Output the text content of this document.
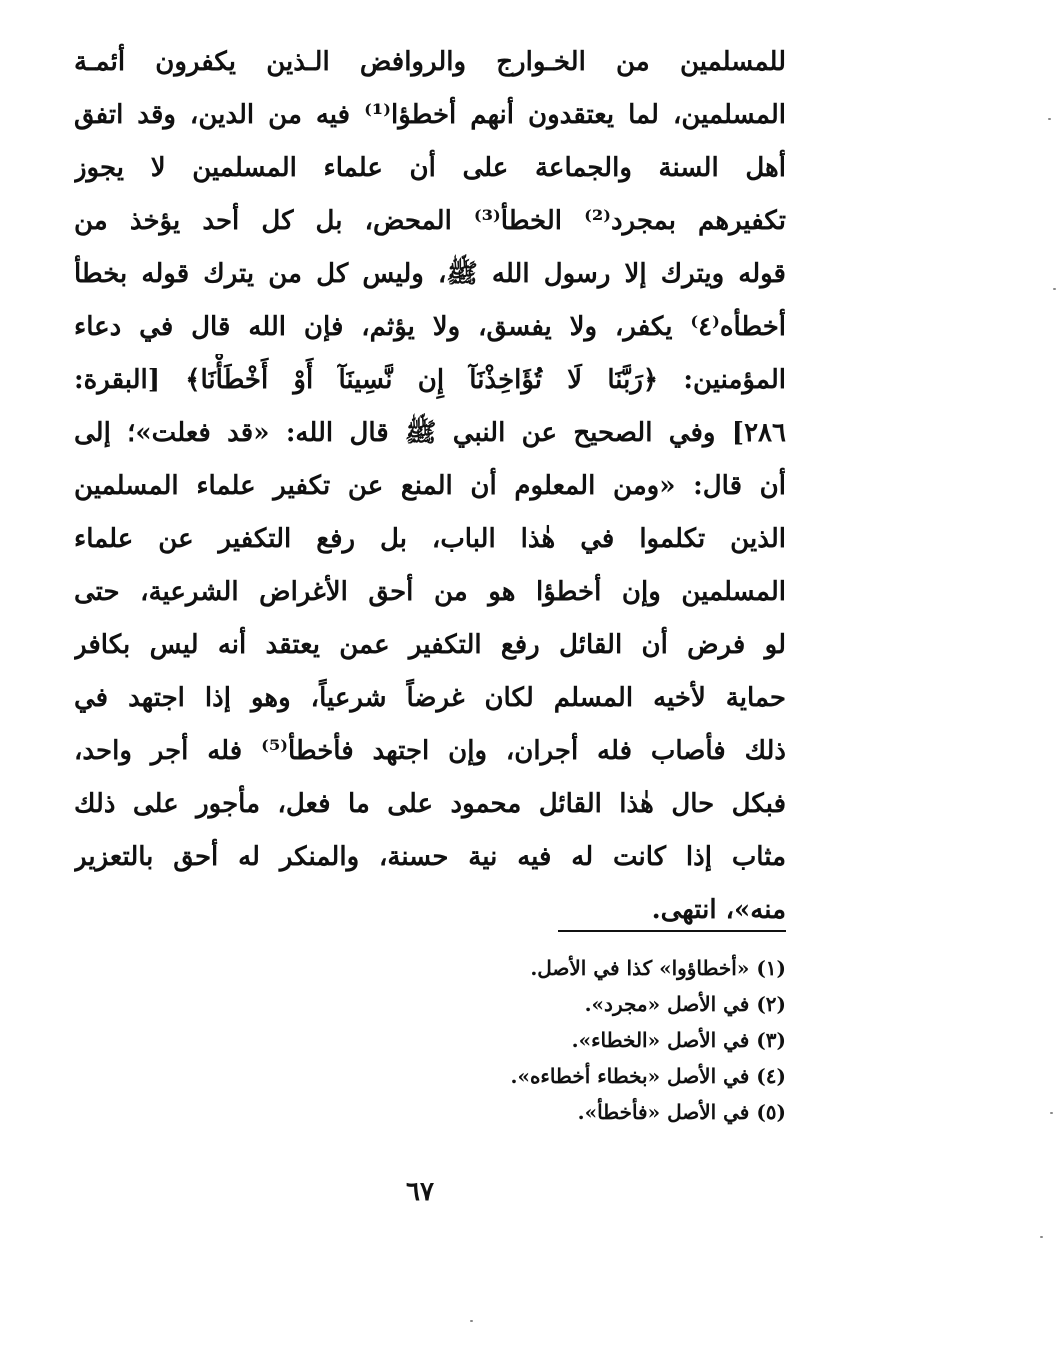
للمسلمين من الخـوارج والروافض الـذين يكفرون أئمـة
المسلمين، لما يعتقدون أنهم أخطؤا⁽¹⁾ فيه من الدين، وقد اتفق
أهل السنة والجماعة على أن علماء المسلمين لا يجوز
تكفيرهم بمجرد⁽²⁾ الخطأ⁽³⁾ المحض، بل كل أحد يؤخذ من
قوله ويترك إلا رسول الله ﷺ، وليس كل من يترك قوله بخطأ
أخطأه⁽٤⁾ يكفر، ولا يفسق، ولا يؤثم، فإن الله قال في دعاء
المؤمنين: ﴿رَبَّنَا لَا تُؤَاخِذْنَآ إِن نَّسِينَآ أَوْ أَخْطَأْنَا﴾ [البقرة:
٢٨٦] وفي الصحيح عن النبي ﷺ قال الله: «قد فعلت»؛ إلى
أن قال: «ومن المعلوم أن المنع عن تكفير علماء المسلمين
الذين تكلموا في هٰذا الباب، بل رفع التكفير عن علماء
المسلمين وإن أخطؤا هو من أحق الأغراض الشرعية، حتى
لو فرض أن القائل رفع التكفير عمن يعتقد أنه ليس بكافر
حماية لأخيه المسلم لكان غرضاً شرعياً، وهو إذا اجتهد في
ذلك فأصاب فله أجران، وإن اجتهد فأخطأ⁽⁵⁾ فله أجر واحد،
فبكل حال هٰذا القائل محمود على ما فعل، مأجور على ذلك
مثاب إذا كانت له فيه نية حسنة، والمنكر له أحق بالتعزير
منه»، انتهى.
(١) «أخطاؤوا» كذا في الأصل.
(٢) في الأصل «مجرد».
(٣) في الأصل «الخطاء».
(٤) في الأصل «بخطاء أخطاءه».
(٥) في الأصل «فأخطأ».
٦٧
